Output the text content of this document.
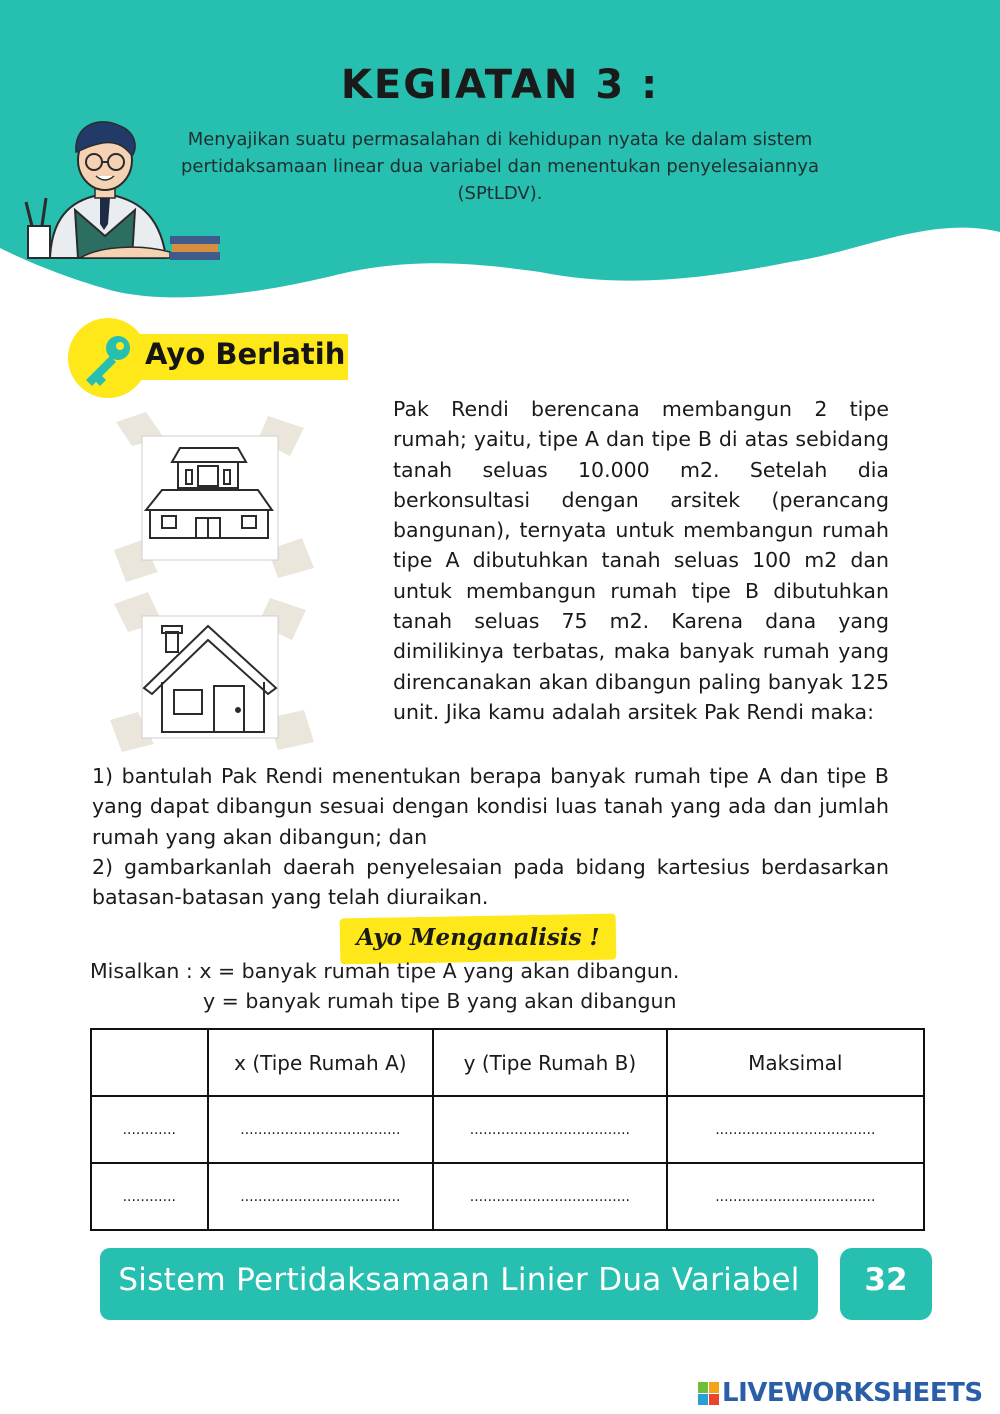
KEGIATAN 3 :
Menyajikan suatu permasalahan di kehidupan nyata ke dalam sistem pertidaksamaan linear dua variabel dan menentukan penyelesaiannya (SPtLDV).
Ayo Berlatih
Pak Rendi berencana membangun 2 tipe rumah; yaitu, tipe A dan tipe B di atas sebidang tanah seluas 10.000 m2. Setelah dia berkonsultasi dengan arsitek (perancang bangunan), ternyata untuk membangun rumah tipe A dibutuhkan tanah seluas 100 m2 dan untuk membangun rumah tipe B dibutuhkan tanah seluas 75 m2. Karena dana yang dimilikinya terbatas, maka banyak rumah yang direncanakan akan dibangun paling banyak 125 unit. Jika kamu adalah arsitek Pak Rendi maka:
1) bantulah Pak Rendi menentukan berapa banyak rumah tipe A dan tipe B yang dapat dibangun sesuai dengan kondisi luas tanah yang ada dan jumlah rumah yang akan dibangun; dan
2) gambarkanlah daerah penyelesaian pada bidang kartesius berdasarkan batasan-batasan yang telah diuraikan.
Ayo Menganalisis !
Misalkan : x = banyak rumah tipe A yang akan dibangun.
y = banyak rumah tipe B yang akan dibangun
	x (Tipe Rumah A)	y (Tipe Rumah B)	Maksimal
............	....................................	....................................	....................................
............	....................................	....................................	....................................
Sistem Pertidaksamaan Linier Dua Variabel	32
LIVEWORKSHEETS
